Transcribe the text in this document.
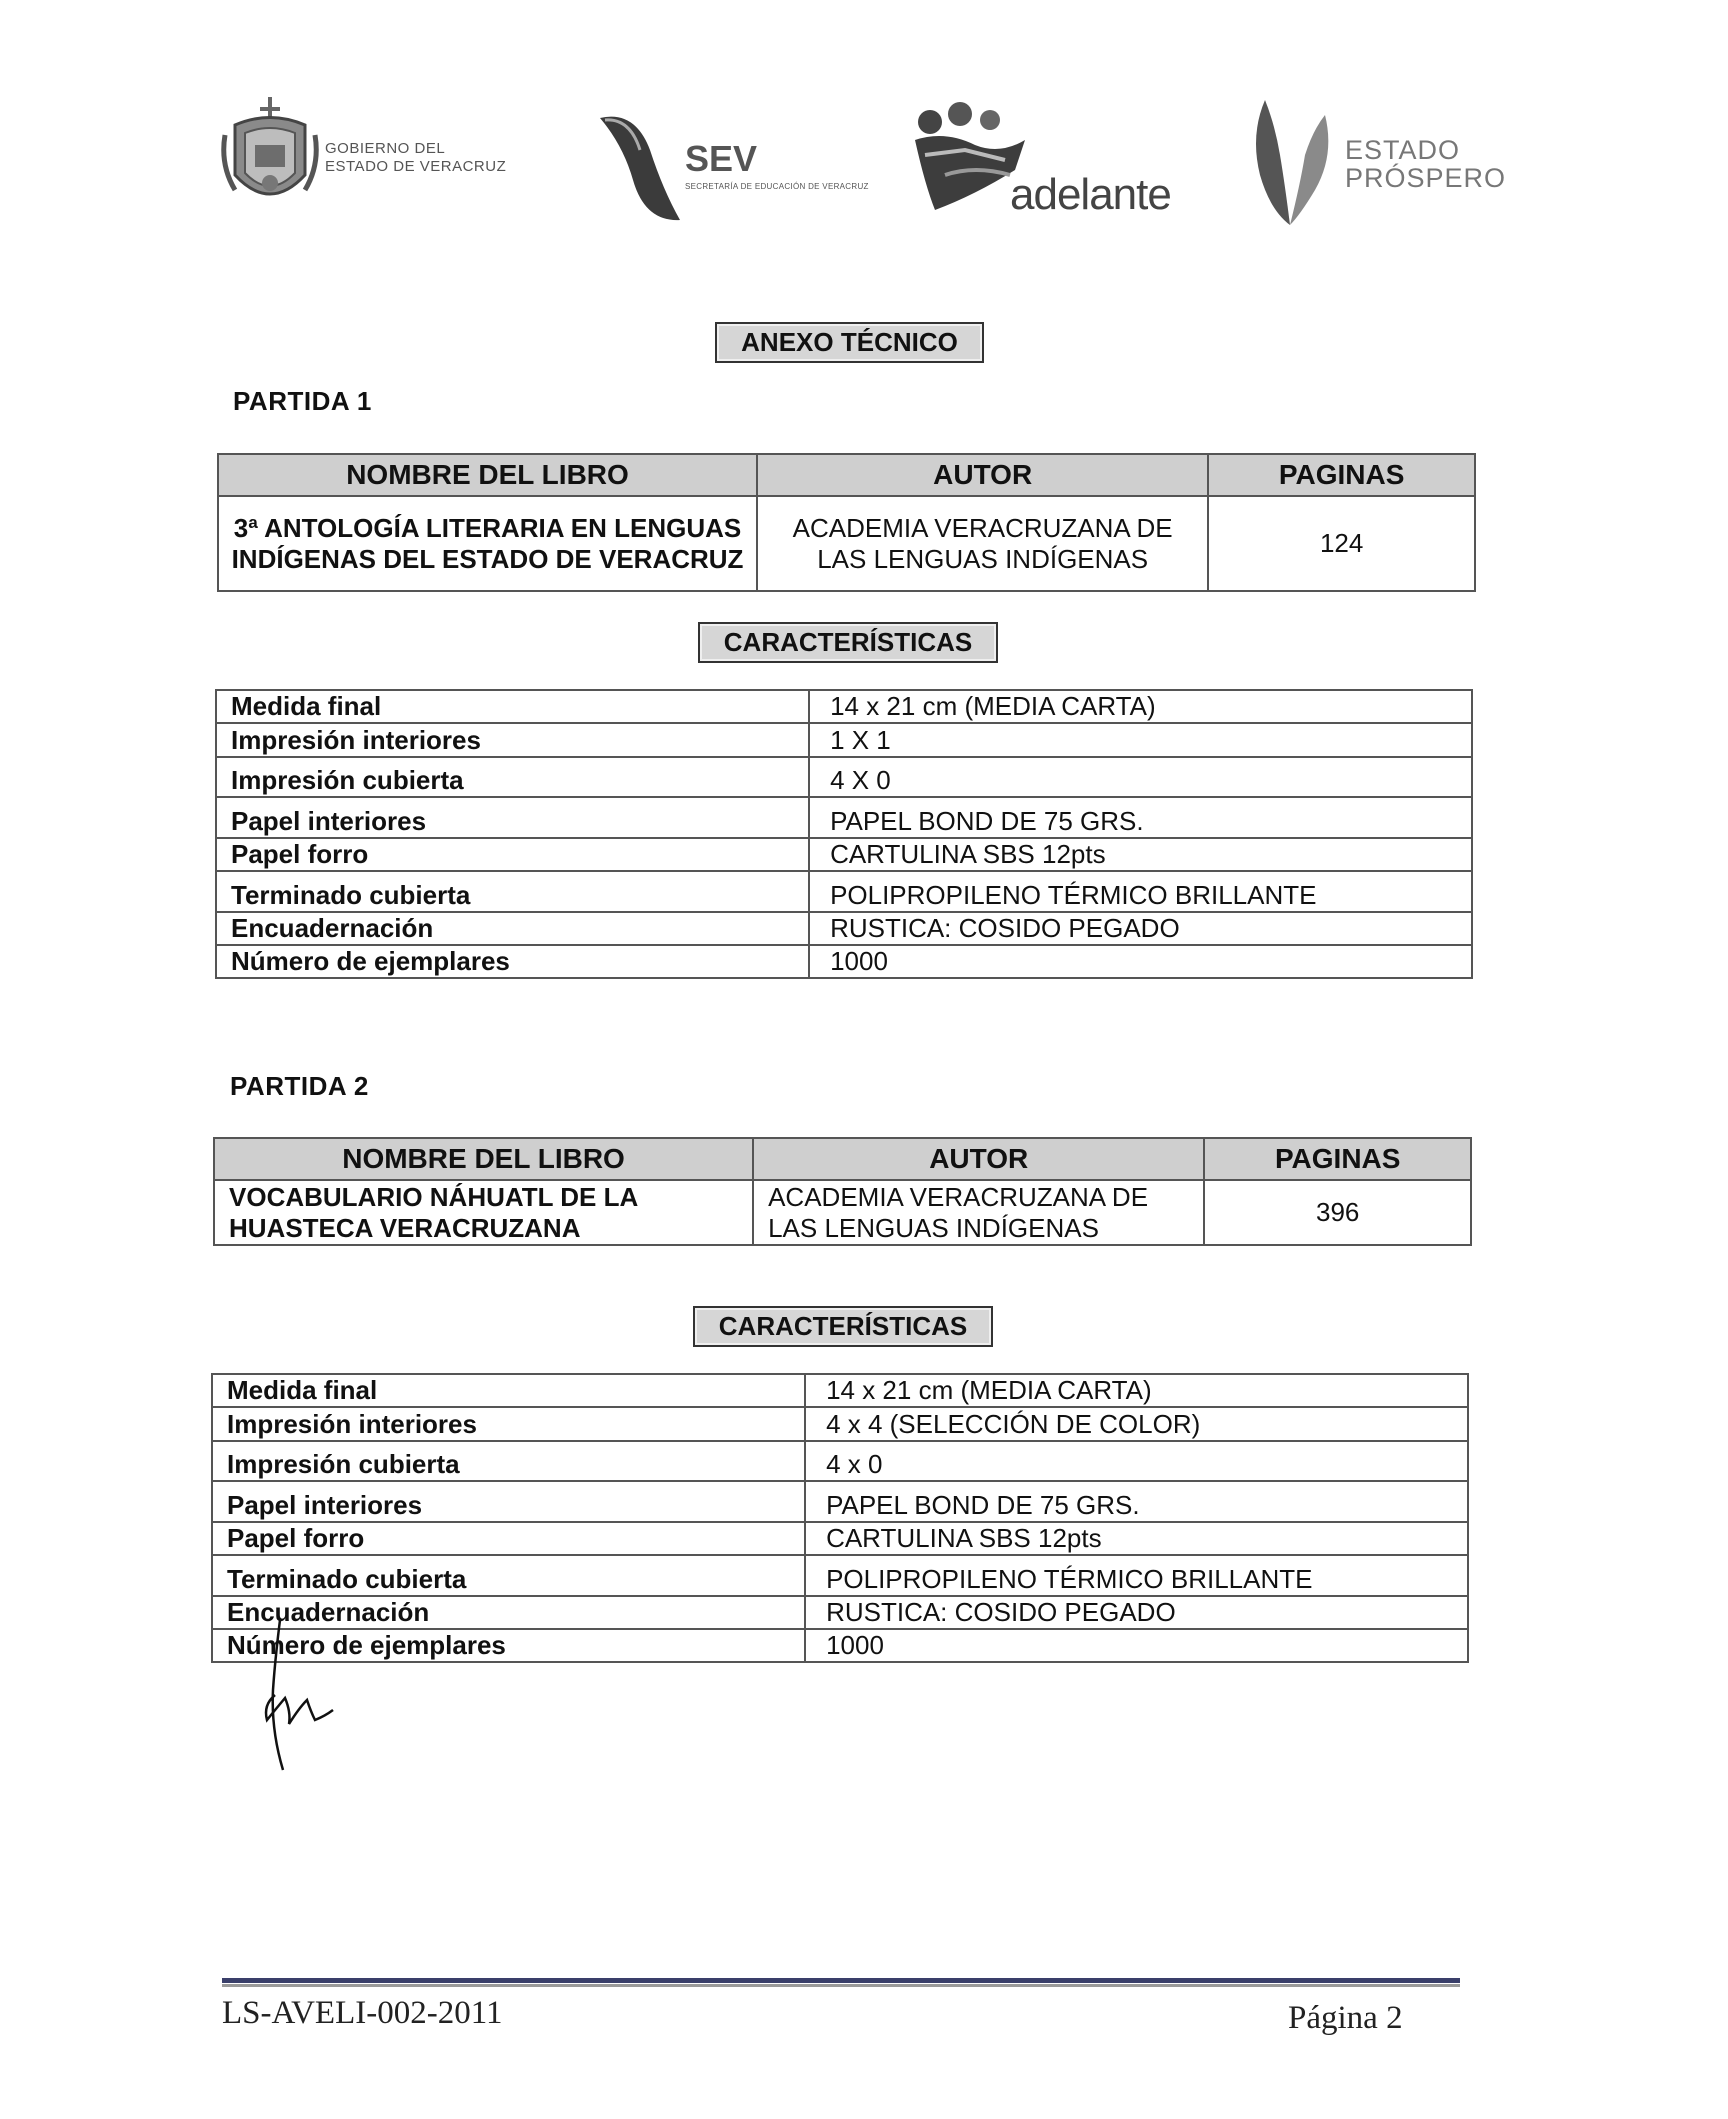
GOBIERNO DEL
ESTADO DE VERACRUZ	SEV
SECRETARÍA DE EDUCACIÓN DE VERACRUZ	adelante
ESTADO
PRÓSPERO
ANEXO TÉCNICO
PARTIDA 1
NOMBRE DEL LIBRO	AUTOR	PAGINAS
3ª ANTOLOGÍA LITERARIA EN LENGUAS INDÍGENAS DEL ESTADO DE VERACRUZ	ACADEMIA VERACRUZANA DE LAS LENGUAS INDÍGENAS	124
CARACTERÍSTICAS
Medida final	14 x 21 cm (MEDIA CARTA)
Impresión interiores	1 X 1
Impresión cubierta	4 X 0
Papel interiores	PAPEL BOND DE 75 GRS.
Papel forro	CARTULINA SBS 12pts
Terminado cubierta	POLIPROPILENO TÉRMICO BRILLANTE
Encuadernación	RUSTICA: COSIDO PEGADO
Número de ejemplares	1000
PARTIDA 2
NOMBRE DEL LIBRO	AUTOR	PAGINAS
VOCABULARIO NÁHUATL DE LA HUASTECA VERACRUZANA	ACADEMIA VERACRUZANA DE LAS LENGUAS INDÍGENAS	396
CARACTERÍSTICAS
Medida final	14 x 21 cm (MEDIA CARTA)
Impresión interiores	4 x 4 (SELECCIÓN DE COLOR)
Impresión cubierta	4 x 0
Papel interiores	PAPEL BOND DE 75 GRS.
Papel forro	CARTULINA SBS 12pts
Terminado cubierta	POLIPROPILENO TÉRMICO BRILLANTE
Encuadernación	RUSTICA: COSIDO PEGADO
Número de ejemplares	1000
LS-AVELI-002-2011	Página 2
